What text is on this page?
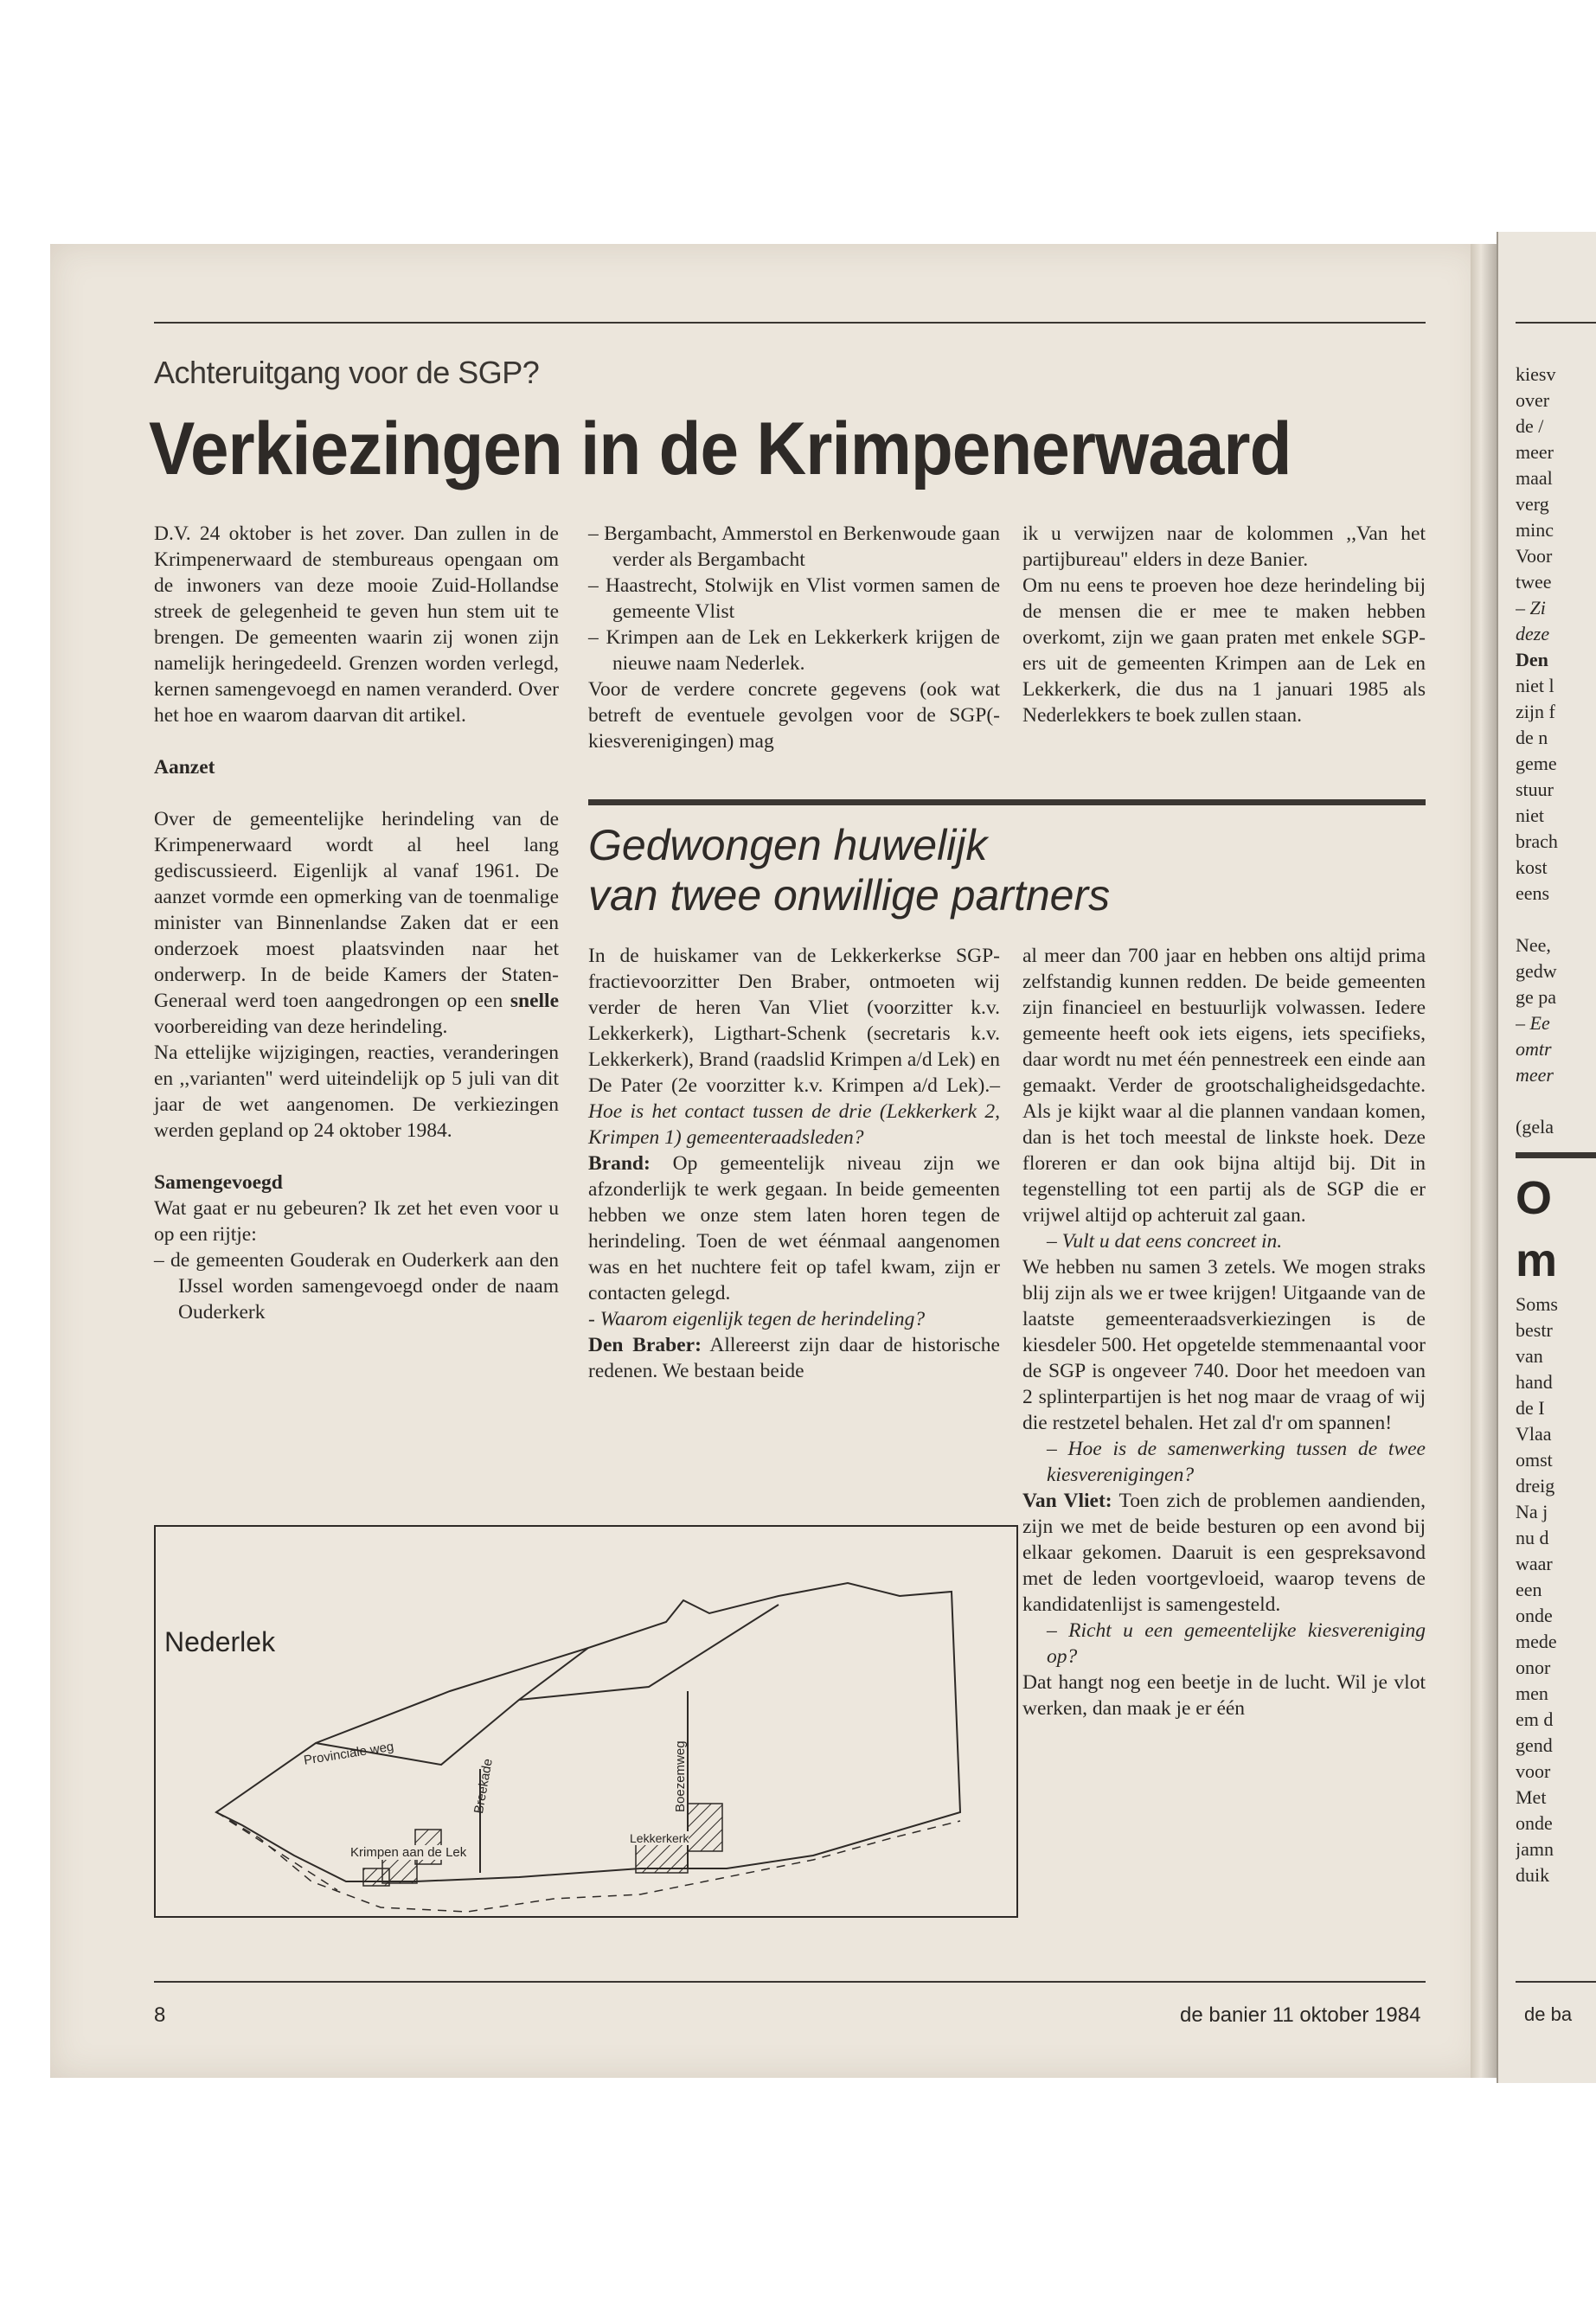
Achteruitgang voor de SGP?
Verkiezingen in de Krimpenerwaard

D.V. 24 oktober is het zover. Dan zullen in de Krimpenerwaard de stembureaus opengaan om de inwoners van deze mooie Zuid-Hollandse streek de gelegenheid te geven hun stem uit te brengen. De gemeenten waarin zij wonen zijn namelijk heringedeeld. Grenzen worden verlegd, kernen samengevoegd en namen veranderd. Over het hoe en waarom daarvan dit artikel.

Aanzet

Over de gemeentelijke herindeling van de Krimpenerwaard wordt al heel lang gediscussieerd. Eigenlijk al vanaf 1961. De aanzet vormde een opmerking van de toenmalige minister van Binnenlandse Zaken dat er een onderzoek moest plaatsvinden naar het onderwerp. In de beide Kamers der Staten-Generaal werd toen aangedrongen op een snelle voorbereiding van deze herindeling.

Na ettelijke wijzigingen, reacties, veranderingen en ,,varianten'' werd uiteindelijk op 5 juli van dit jaar de wet aangenomen. De verkiezingen werden gepland op 24 oktober 1984.

Samengevoegd

Wat gaat er nu gebeuren? Ik zet het even voor u op een rijtje:

– de gemeenten Gouderak en Ouderkerk aan den IJssel worden samengevoegd onder de naam Ouderkerk
– Bergambacht, Ammerstol en Berkenwoude gaan verder als Bergambacht
– Haastrecht, Stolwijk en Vlist vormen samen de gemeente Vlist
– Krimpen aan de Lek en Lekkerkerk krijgen de nieuwe naam Nederlek.

Voor de verdere concrete gegevens (ook wat betreft de eventuele gevolgen voor de SGP(-kiesverenigingen) mag

ik u verwijzen naar de kolommen ,,Van het partijbureau'' elders in deze Banier.

Om nu eens te proeven hoe deze herindeling bij de mensen die er mee te maken hebben overkomt, zijn we gaan praten met enkele SGP-ers uit de gemeenten Krimpen aan de Lek en Lekkerkerk, die dus na 1 januari 1985 als Nederlekkers te boek zullen staan.

Gedwongen huwelijk
van twee onwillige partners

In de huiskamer van de Lekkerkerkse SGP-fractievoorzitter Den Braber, ontmoeten wij verder de heren Van Vliet (voorzitter k.v. Lekkerkerk), Ligthart-Schenk (secretaris k.v. Lekkerkerk), Brand (raadslid Krimpen a/d Lek) en De Pater (2e voorzitter k.v. Krimpen a/d Lek).– Hoe is het contact tussen de drie (Lekkerkerk 2, Krimpen 1) gemeenteraadsleden?

Brand: Op gemeentelijk niveau zijn we afzonderlijk te werk gegaan. In beide gemeenten hebben we onze stem laten horen tegen de herindeling. Toen de wet éénmaal aangenomen was en het nuchtere feit op tafel kwam, zijn er contacten gelegd.

- Waarom eigenlijk tegen de herindeling?

Den Braber: Allereerst zijn daar de historische redenen. We bestaan beide

al meer dan 700 jaar en hebben ons altijd prima zelfstandig kunnen redden. De beide gemeenten zijn financieel en bestuurlijk volwassen. Iedere gemeente heeft ook iets eigens, iets specifieks, daar wordt nu met één pennestreek een einde aan gemaakt. Verder de grootschaligheidsgedachte. Als je kijkt waar al die plannen vandaan komen, dan is het toch meestal de linkste hoek. Deze floreren er dan ook bijna altijd bij. Dit in tegenstelling tot een partij als de SGP die er vrijwel altijd op achteruit zal gaan.

– Vult u dat eens concreet in.

We hebben nu samen 3 zetels. We mogen straks blij zijn als we er twee krijgen! Uitgaande van de laatste gemeenteraadsverkiezingen is de kiesdeler 500. Het opgetelde stemmenaantal voor de SGP is ongeveer 740. Door het meedoen van 2 splinterpartijen is het nog maar de vraag of wij die restzetel behalen. Het zal d'r om spannen!

– Hoe is de samenwerking tussen de twee kiesverenigingen?

Van Vliet: Toen zich de problemen aandienden, zijn we met de beide besturen op een avond bij elkaar gekomen. Daaruit is een gespreksavond met de leden voortgevloeid, waarop tevens de kandidatenlijst is samengesteld.

– Richt u een gemeentelijke kiesvereniging op?

Dat hangt nog een beetje in de lucht. Wil je vlot werken, dan maak je er één

Nederlek
Provinciale weg
Breekade	Boezemweg
Krimpen aan de Lek
Lekkerkerk
8	de banier 11 oktober 1984
kiesv
over
de /
meer
maal
verg
minc
Voor
twee
– Zi
deze
Den
niet l
zijn f
de n
geme
stuur
niet
brach
kost
eens

Nee,
gedw
ge pa
– Ee
omtr
meer

(gela
O
m
Soms
bestr
van
hand
de I
Vlaa
omst
dreig
Na j
nu d
waar
een
onde
mede
onor
men
em d
gend
voor
Met
onde
jamn
duik
de ba
